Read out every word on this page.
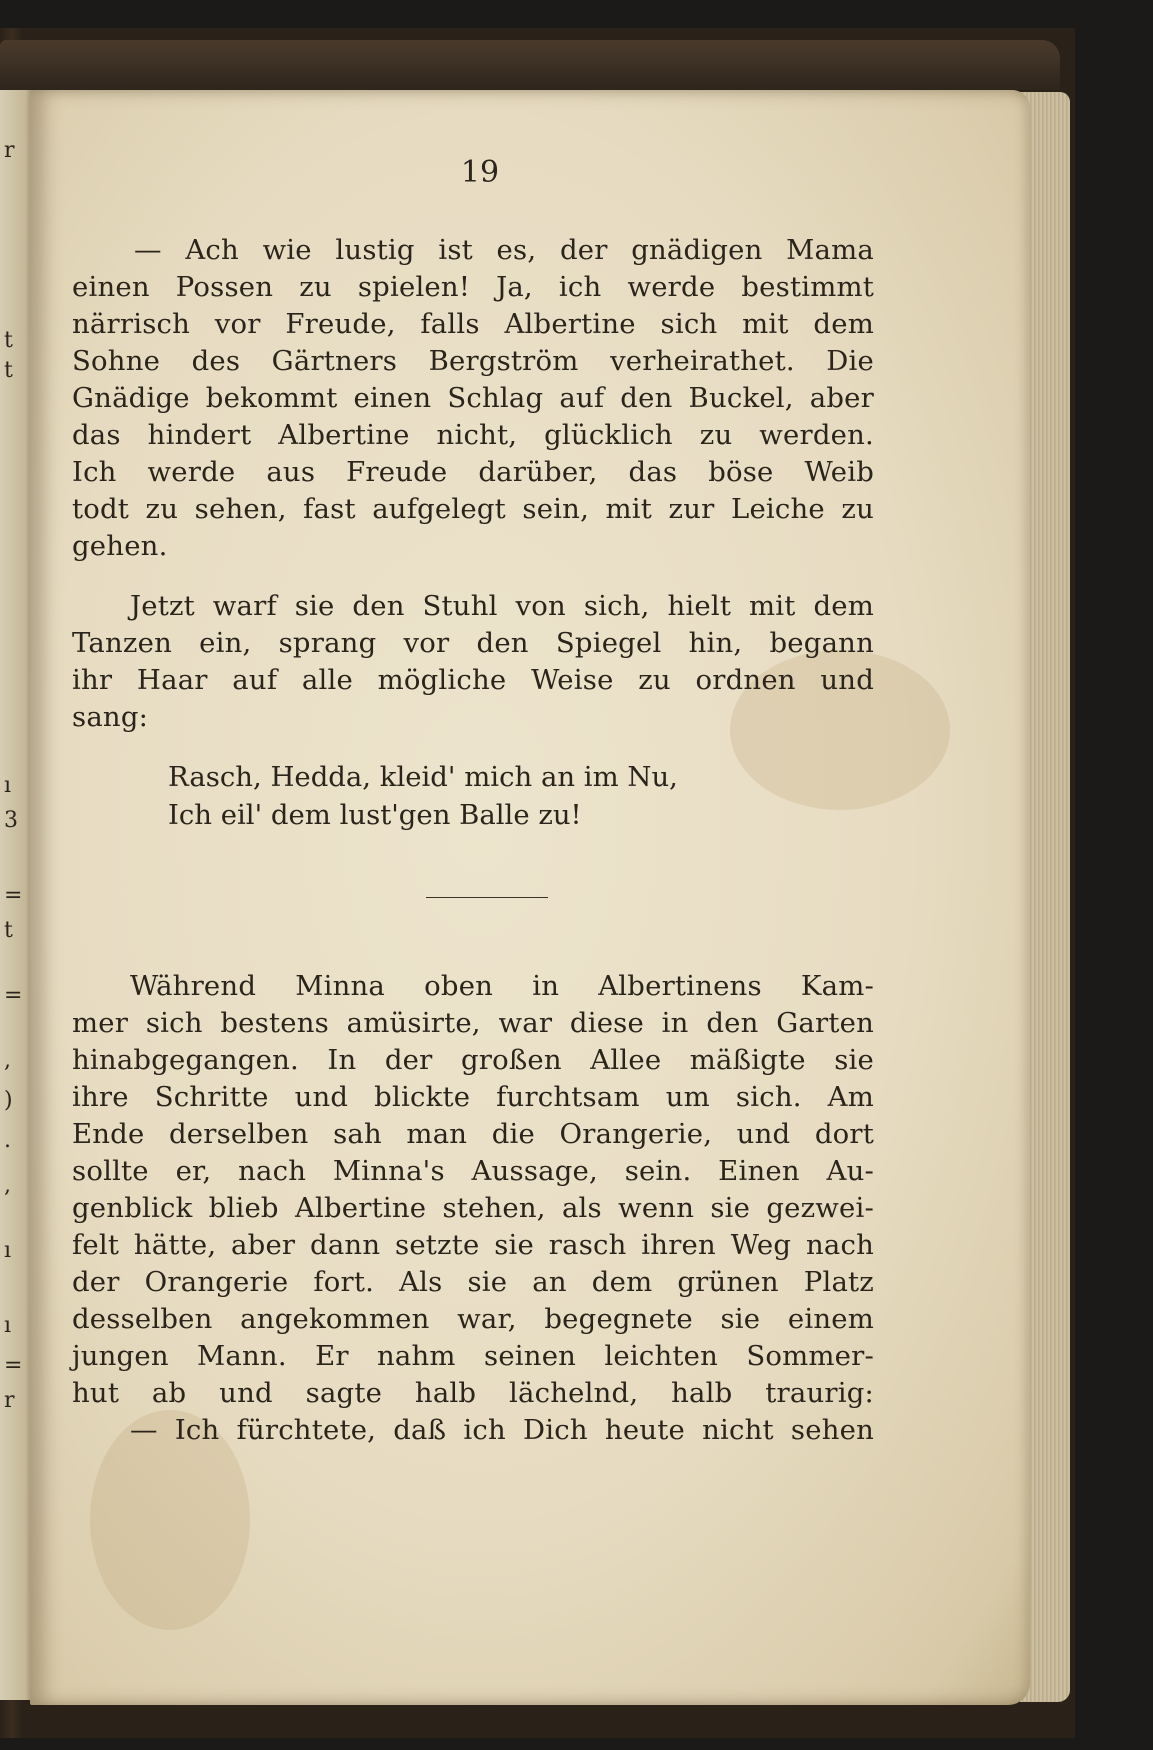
r
t
t
ı
3
=
t
=
,
)
.
,
ı
ı
=
r
19
— Ach wie lustig ist es, der gnädigen Mama
einen Possen zu spielen! Ja, ich werde bestimmt
närrisch vor Freude, falls Albertine sich mit dem
Sohne des Gärtners Bergström verheirathet. Die
Gnädige bekommt einen Schlag auf den Buckel, aber
das hindert Albertine nicht, glücklich zu werden.
Ich werde aus Freude darüber, das böse Weib
todt zu sehen, fast aufgelegt sein, mit zur Leiche zu
gehen.
Jetzt warf sie den Stuhl von sich, hielt mit dem
Tanzen ein, sprang vor den Spiegel hin, begann
ihr Haar auf alle mögliche Weise zu ordnen und
sang:
Rasch, Hedda, kleid' mich an im Nu,
Ich eil' dem lust'gen Balle zu!
Während Minna oben in Albertinens Kam-
mer sich bestens amüsirte, war diese in den Garten
hinabgegangen. In der großen Allee mäßigte sie
ihre Schritte und blickte furchtsam um sich. Am
Ende derselben sah man die Orangerie, und dort
sollte er, nach Minna's Aussage, sein. Einen Au-
genblick blieb Albertine stehen, als wenn sie gezwei-
felt hätte, aber dann setzte sie rasch ihren Weg nach
der Orangerie fort. Als sie an dem grünen Platz
desselben angekommen war, begegnete sie einem
jungen Mann. Er nahm seinen leichten Sommer-
hut ab und sagte halb lächelnd, halb traurig:
— Ich fürchtete, daß ich Dich heute nicht sehen
